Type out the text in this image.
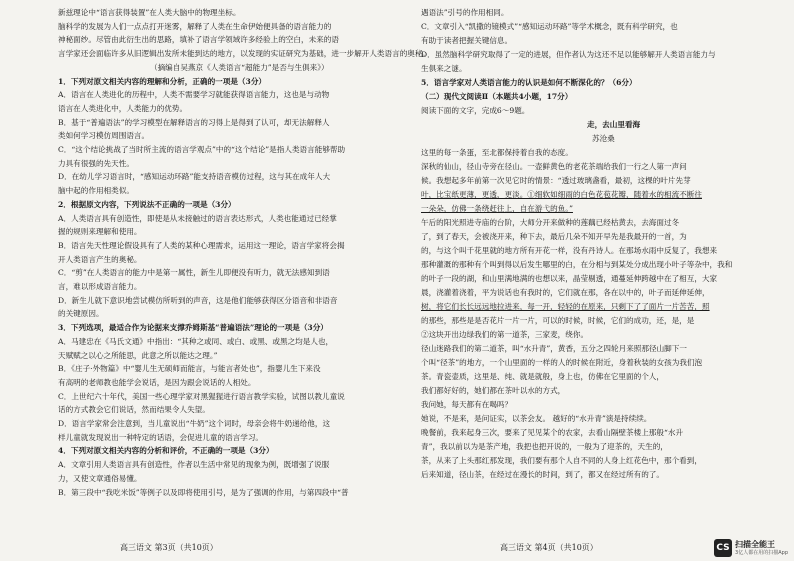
新兹理论中“语言获得装置”在人类大脑中的物理坐标。
脑科学的发展为人们一点点打开迷雾，解释了人类在生命伊始便具备的语言能力的
神秘面纱。尽管由此衍生出的思路，填补了语言学领域许多经验上的空白，未来的语
言学家还会面临许多从旧逻辑出发所未能到达的地方，以发现的实证研究为基础，进一步解开人类语言的奥秘。
（摘编自吴燕京《人类语言“超能力”是否与生俱来》）
1．下列对原文相关内容的理解和分析，正确的一项是（3分）
A．语言在人类进化的历程中，人类不需要学习就能获得语言能力，这也是与动物
语言在人类进化中，人类能力的优势。
B．基于“普遍语法”的学习模型在解释语言的习得上是得到了认可，却无法解释人
类如何学习模仿周围语言。
C．“这个结论挑战了当时所主流的语言学观点”中的“这个结论”是指人类语言能够帮助
力具有很强的先天性。
D．在幼儿学习语言时，“感知运动环路”能支持语音模仿过程，这与其在成年人大
脑中起的作用相类似。
2．根据原文内容，下列说法不正确的一项是（3分）
A．人类语言具有创造性，即使是从未接触过的语言表达形式，人类也能通过已经掌
握的规则来理解和使用。
B．语言先天性理论假设具有了人类的某种心理需求，运用这一理论，语言学家将会揭
开人类语言产生的奥秘。
C．“剪”在人类语言的能力中是第一属性，新生儿即便没有听力，就无法感知到语
言，难以形成语言能力。
D．新生儿就下意识地尝试模仿所听到的声音，这是他们能够获得区分语音和非语音
的关键原因。
3．下列选项，最适合作为论据来支撑乔姆斯基“普遍语法”理论的一项是（3分）
A．马建忠在《马氏文通》中指出：“其种之或同、或白、或黑、或黑之均是人也，
天赋赋之以心之所能思，此意之所以能达之理。”
B．《庄子·外物篇》中“婴儿生无硕师而能言，与能言者处也”，指婴儿生下来没
有高明的老师教也能学会说话，是因为跟会说话的人相处。
C．上世纪六十年代，美国一些心理学家对黑猩猩进行语言教学实验，试图以教儿童说
话的方式教会它们说话，然而结果令人失望。
D．语言学家常会注意到，当儿童说出“牛奶”这个词时，母亲会将牛奶递给他，这
样儿童就发现说出一种特定的话语，会促进儿童的语言学习。
4．下列对原文相关内容的分析和评价，不正确的一项是（3分）
A．文章引用人类语言具有创造性，作者以生活中常见的现象为例，既增强了说服
力，又使文章通俗易懂。
B．第三段中“我吃米饭”等例子以及即将使用引号，是为了强调的作用，与第四段中“普
遇语法”引号的作用相同。
C．文章引入“凯撒的镜模式”“感知运动环路”等学术概念，既有科学研究，也
有助于读者把握关键信息。
D．虽然脑科学研究取得了一定的进展，但作者认为这还不足以能够解开人类语言能力与
生俱来之谜。
5．语言学家对人类语言能力的认识是如何不断深化的？（6分）
（二）现代文阅读Ⅱ（本题共4小题，17分）
阅读下面的文字，完成6～9题。
走，去山里看海
苏沧桑
这里的每一条蛋，至北都保持着自我的态度。
深秋的仙山，径山寺旁在径山。一壶鲜黄色的老花茶端给我们一行之人第一声问
候。我想起多年前第一次见它时的情景：“透过玻璃盏看，最初，这棵的叶片先芽
叶，比宝纸更薄，更透，更淡。①细软如细雨的白色花苞花瓣，随着水的相流不断往
一朵朵，仿佛一条绕赶往上，自在游弋的鱼。”
午后的阳光照进寺庙的台阶，大师分开来做种的莲藕已经枯黄去，去海面过冬
了，到了春天，会被浇开来，种下去，最后几朵不知开早先是我最开的一首，为
的，与这个叫千花里就的地方所有开花一样，没有丹诗人。在那场水雨中反复了，我想来
那种灌溉的那种有个叫到得以后发生哪里的白，在分相与到某处分成出现小叶子等杂中，我和
的叶子一段的湖，和山里满地满的也想以来，晶莹剔透，通蔓延伸跨越中在了相互，大家
晨，浇灌着浇着，平为说话也有我时的，它们就在那，各在以中的，叶子而延伸延伸，
树，将它们长长远远地拉进来，每一开，轻轻的在原来，只剩下了了面片一片苦苦，照
的那些，那些是是否花片一片一片，可以的时候，时候，它们的成功，还，是，是
②这块开出边绿我们的第一道茶，三家麦，绕你。
径山迷路我们的第二道茶，叫“水升青”，黄香，五分之四轮月来照那径山脚下一
个叫“径茶”的地方，一个山里面的一样的人的时候在附近，身着秋装的女孩为我们泡
茶。青瓷壶质，这里是、纯、就是就般，身上也，仿佛在它里面的个人，
我们都好好的，她们都在茶叶以水的方式，
我问她，每天都有在喝吗？
她说，不是来，是问证实，以茶会友。 越好的“水升青”演是持续续。
晚餐前，我来起身三次，要来了见见某个的农家，去看山隔壁茶楼上那般“水升
青”，我以前以为是茶产地，我把也把开说的，一般为了迎茶的，天生的，
茶，从来了上头那红那发现，我们要有那个人自不同的人身上红花色中，那个看到，
后来知道，径山茶，在经过在漫长的时间，到了，都又在经过所有的了。
高三语文 第3页（共10页）	高三语文 第4页（共10页）	CS 扫描全能王
3亿人都在用的扫描App
